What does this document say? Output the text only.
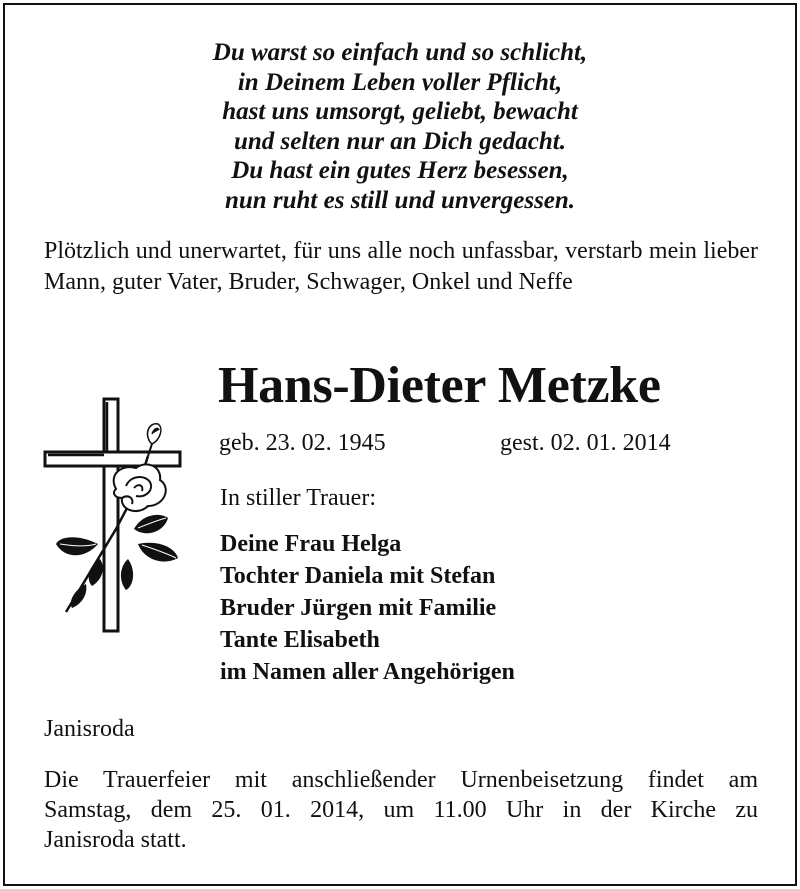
Du warst so einfach und so schlicht,
in Deinem Leben voller Pflicht,
hast uns umsorgt, geliebt, bewacht
und selten nur an Dich gedacht.
Du hast ein gutes Herz besessen,
nun ruht es still und unvergessen.
Plötzlich und unerwartet, für uns alle noch unfassbar, verstarb mein lieber Mann, guter Vater, Bruder, Schwager, Onkel und Neffe
Hans-Dieter Metzke
geb. 23. 02. 1945	gest. 02. 01. 2014
In stiller Trauer:
Deine Frau Helga
Tochter Daniela mit Stefan
Bruder Jürgen mit Familie
Tante Elisabeth
im Namen aller Angehörigen
Janisroda
Die Trauerfeier mit anschließender Urnenbeisetzung findet am
Samstag, dem 25. 01. 2014, um 11.00 Uhr in der Kirche zu
Janisroda statt.
